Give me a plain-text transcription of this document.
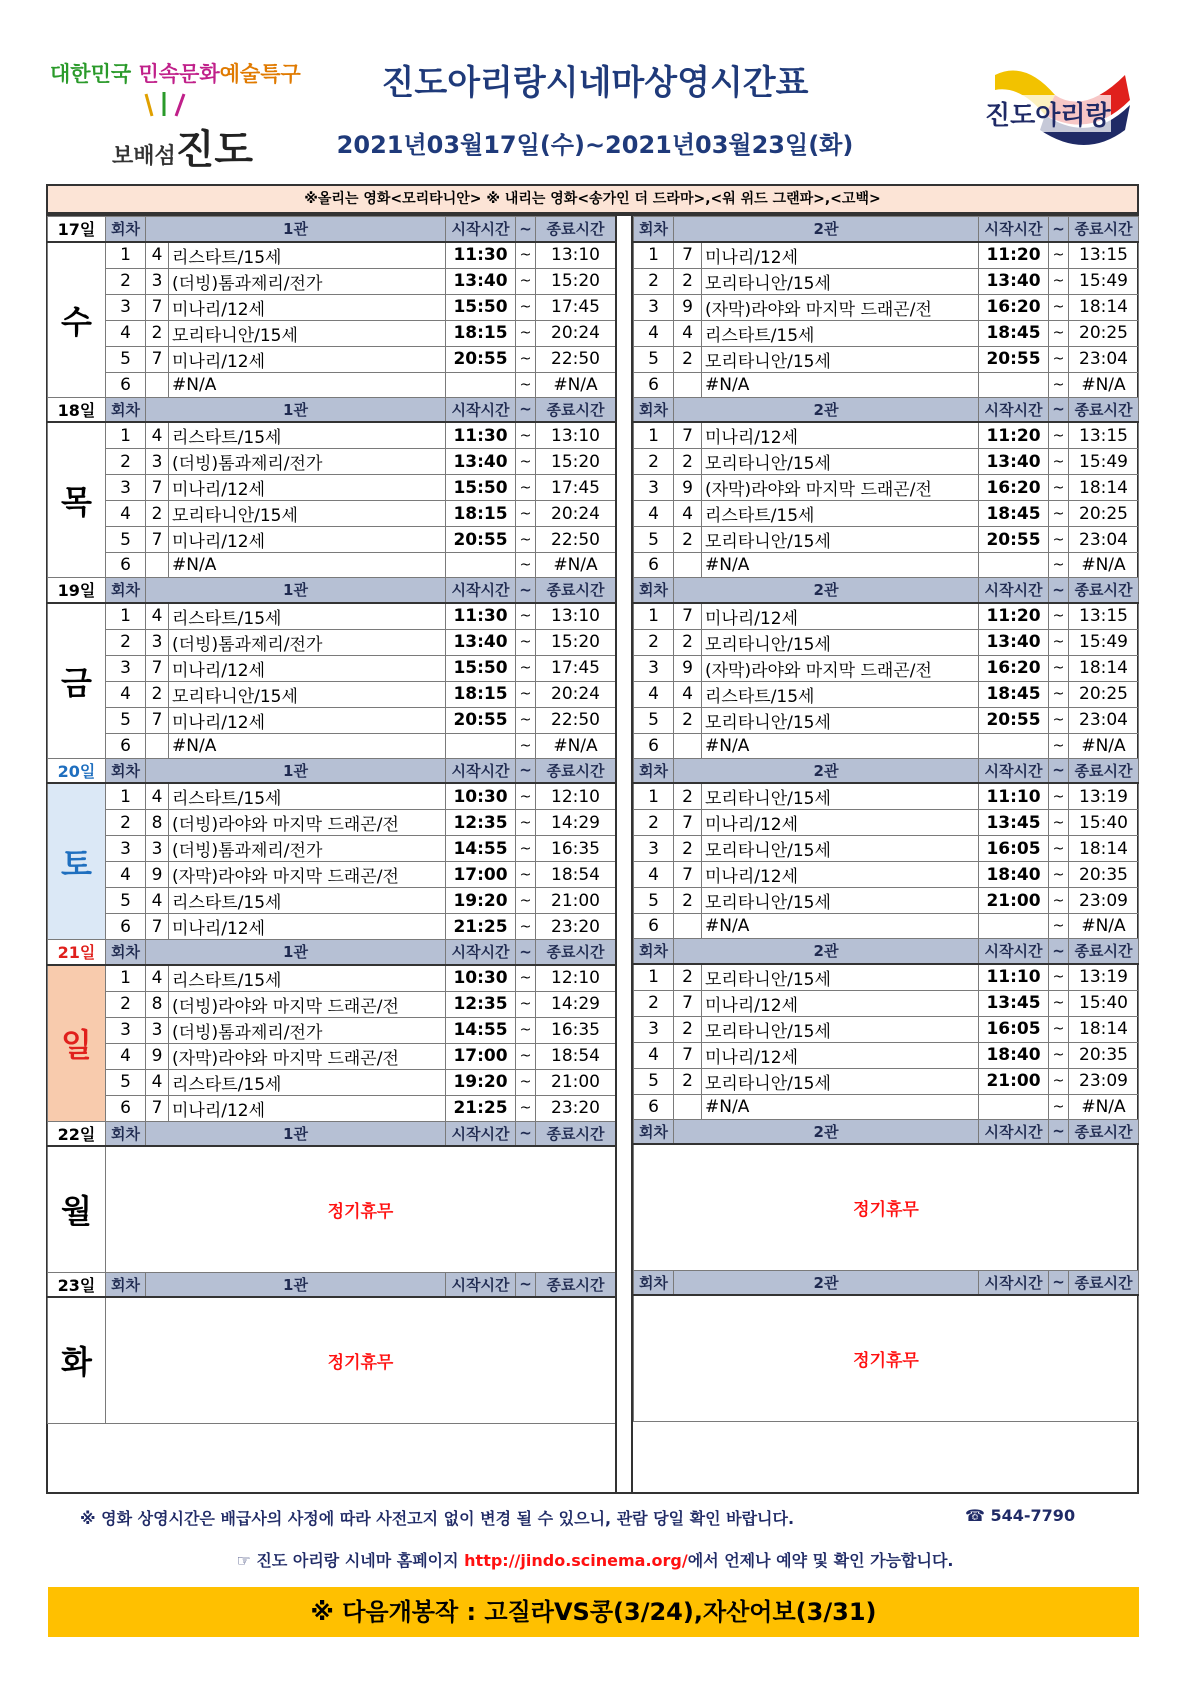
대한민국 민속문화예술특구
보배섬진도
진도아리랑시네마상영시간표
2021년03월17일(수)~2021년03월23일(화)
진도아리랑
※올리는 영화<모리타니안> ※ 내리는 영화<송가인 더 드라마>,<워 위드 그랜파>,<고백>
17일	회차	1관		시작시간	~	종료시간
수	1	4	리스타트/15세	11:30	~	13:10
	2	3	(더빙)톰과제리/전가	13:40	~	15:20
	3	7	미나리/12세	15:50	~	17:45
	4	2	모리타니안/15세	18:15	~	20:24
	5	7	미나리/12세	20:55	~	22:50
	6		#N/A		~	#N/A
18일	회차	1관		시작시간	~	종료시간
목	1	4	리스타트/15세	11:30	~	13:10
	2	3	(더빙)톰과제리/전가	13:40	~	15:20
	3	7	미나리/12세	15:50	~	17:45
	4	2	모리타니안/15세	18:15	~	20:24
	5	7	미나리/12세	20:55	~	22:50
	6		#N/A		~	#N/A
19일	회차	1관		시작시간	~	종료시간
금	1	4	리스타트/15세	11:30	~	13:10
	2	3	(더빙)톰과제리/전가	13:40	~	15:20
	3	7	미나리/12세	15:50	~	17:45
	4	2	모리타니안/15세	18:15	~	20:24
	5	7	미나리/12세	20:55	~	22:50
	6		#N/A		~	#N/A
20일	회차	1관		시작시간	~	종료시간
토	1	4	리스타트/15세	10:30	~	12:10
	2	8	(더빙)라야와 마지막 드래곤/전	12:35	~	14:29
	3	3	(더빙)톰과제리/전가	14:55	~	16:35
	4	9	(자막)라야와 마지막 드래곤/전	17:00	~	18:54
	5	4	리스타트/15세	19:20	~	21:00
	6	7	미나리/12세	21:25	~	23:20
21일	회차	1관		시작시간	~	종료시간
일	1	4	리스타트/15세	10:30	~	12:10
	2	8	(더빙)라야와 마지막 드래곤/전	12:35	~	14:29
	3	3	(더빙)톰과제리/전가	14:55	~	16:35
	4	9	(자막)라야와 마지막 드래곤/전	17:00	~	18:54
	5	4	리스타트/15세	19:20	~	21:00
	6	7	미나리/12세	21:25	~	23:20
22일	회차	1관		시작시간	~	종료시간
월	정기휴무					
23일	회차	1관		시작시간	~	종료시간
화	정기휴무					
회차	2관		시작시간	~	종료시간
1	7	미나리/12세	11:20	~	13:15
2	2	모리타니안/15세	13:40	~	15:49
3	9	(자막)라야와 마지막 드래곤/전	16:20	~	18:14
4	4	리스타트/15세	18:45	~	20:25
5	2	모리타니안/15세	20:55	~	23:04
6		#N/A		~	#N/A
회차	2관		시작시간	~	종료시간
1	7	미나리/12세	11:20	~	13:15
2	2	모리타니안/15세	13:40	~	15:49
3	9	(자막)라야와 마지막 드래곤/전	16:20	~	18:14
4	4	리스타트/15세	18:45	~	20:25
5	2	모리타니안/15세	20:55	~	23:04
6		#N/A		~	#N/A
회차	2관		시작시간	~	종료시간
1	7	미나리/12세	11:20	~	13:15
2	2	모리타니안/15세	13:40	~	15:49
3	9	(자막)라야와 마지막 드래곤/전	16:20	~	18:14
4	4	리스타트/15세	18:45	~	20:25
5	2	모리타니안/15세	20:55	~	23:04
6		#N/A		~	#N/A
회차	2관		시작시간	~	종료시간
1	2	모리타니안/15세	11:10	~	13:19
2	7	미나리/12세	13:45	~	15:40
3	2	모리타니안/15세	16:05	~	18:14
4	7	미나리/12세	18:40	~	20:35
5	2	모리타니안/15세	21:00	~	23:09
6		#N/A		~	#N/A
회차	2관		시작시간	~	종료시간
1	2	모리타니안/15세	11:10	~	13:19
2	7	미나리/12세	13:45	~	15:40
3	2	모리타니안/15세	16:05	~	18:14
4	7	미나리/12세	18:40	~	20:35
5	2	모리타니안/15세	21:00	~	23:09
6		#N/A		~	#N/A
회차	2관		시작시간	~	종료시간
정기휴무					
회차	2관		시작시간	~	종료시간
정기휴무					
※ 영화 상영시간은 배급사의 사정에 따라 사전고지 없이 변경 될 수 있으니, 관람 당일 확인 바랍니다.	☎ 544-7790
☞ 진도 아리랑 시네마 홈페이지 http://jindo.scinema.org/에서 언제나 예약 및 확인 가능합니다.
※ 다음개봉작 : 고질라VS콩(3/24),자산어보(3/31)
